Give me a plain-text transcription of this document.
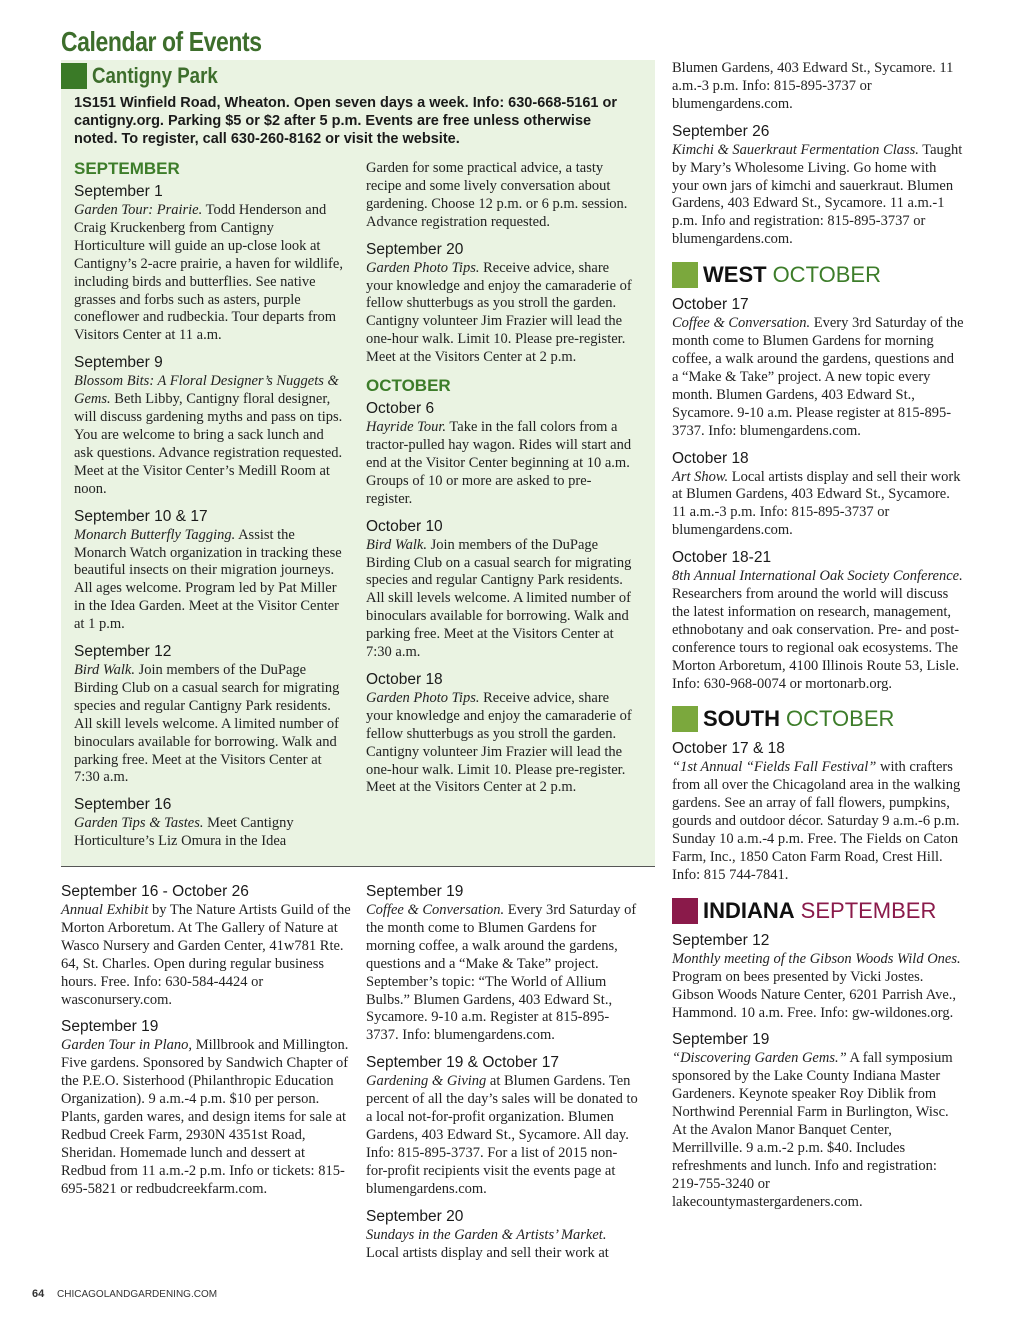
Calendar of Events
Cantigny Park
1S151 Winfield Road, Wheaton. Open seven days a week. Info: 630-668-5161 or cantigny.org. Parking $5 or $2 after 5 p.m. Events are free unless otherwise noted. To register, call 630-260-8162 or visit the website.
SEPTEMBER
September 1
Garden Tour: Prairie. Todd Henderson and Craig Kruckenberg from Cantigny Horticulture will guide an up-close look at Cantigny’s 2-acre prairie, a haven for wildlife, including birds and butterflies. See native grasses and forbs such as asters, purple coneflower and rudbeckia. Tour departs from Visitors Center at 11 a.m.
September 9
Blossom Bits: A Floral Designer’s Nuggets & Gems. Beth Libby, Cantigny floral designer, will discuss gardening myths and pass on tips. You are welcome to bring a sack lunch and ask questions. Advance registration requested. Meet at the Visitor Center’s Medill Room at noon.
September 10 & 17
Monarch Butterfly Tagging. Assist the Monarch Watch organization in tracking these beautiful insects on their migration journeys. All ages welcome. Program led by Pat Miller in the Idea Garden. Meet at the Visitor Center at 1 p.m.
September 12
Bird Walk. Join members of the DuPage Birding Club on a casual search for migrating species and regular Cantigny Park residents. All skill levels welcome. A limited number of binoculars available for borrowing. Walk and parking free. Meet at the Visitors Center at 7:30 a.m.
September 16
Garden Tips & Tastes. Meet Cantigny Horticulture’s Liz Omura in the Idea
Garden for some practical advice, a tasty recipe and some lively conversation about gardening. Choose 12 p.m. or 6 p.m. session. Advance registration requested.
September 20
Garden Photo Tips. Receive advice, share your knowledge and enjoy the camaraderie of fellow shutterbugs as you stroll the garden. Cantigny volunteer Jim Frazier will lead the one-hour walk. Limit 10. Please pre-register. Meet at the Visitors Center at 2 p.m.
OCTOBER
October 6
Hayride Tour. Take in the fall colors from a tractor-pulled hay wagon. Rides will start and end at the Visitor Center beginning at 10 a.m. Groups of 10 or more are asked to pre-register.
October 10
Bird Walk. Join members of the DuPage Birding Club on a casual search for migrating species and regular Cantigny Park residents. All skill levels welcome. A limited number of binoculars available for borrowing. Walk and parking free. Meet at the Visitors Center at 7:30 a.m.
October 18
Garden Photo Tips. Receive advice, share your knowledge and enjoy the camaraderie of fellow shutterbugs as you stroll the garden. Cantigny volunteer Jim Frazier will lead the one-hour walk. Limit 10. Please pre-register. Meet at the Visitors Center at 2 p.m.
September 16 - October 26
Annual Exhibit by The Nature Artists Guild of the Morton Arboretum. At The Gallery of Nature at Wasco Nursery and Garden Center, 41w781 Rte. 64, St. Charles. Open during regular business hours. Free. Info: 630-584-4424 or wasconursery.com.
September 19
Garden Tour in Plano, Millbrook and Millington. Five gardens. Sponsored by Sandwich Chapter of the P.E.O. Sisterhood (Philanthropic Education Organization). 9 a.m.-4 p.m. $10 per person. Plants, garden wares, and design items for sale at Redbud Creek Farm, 2930N 4351st Road, Sheridan. Homemade lunch and dessert at Redbud from 11 a.m.-2 p.m. Info or tickets: 815-695-5821 or redbudcreekfarm.com.
September 19
Coffee & Conversation. Every 3rd Saturday of the month come to Blumen Gardens for morning coffee, a walk around the gardens, questions and a “Make & Take” project. September’s topic: “The World of Allium Bulbs.” Blumen Gardens, 403 Edward St., Sycamore. 9-10 a.m. Register at 815-895-3737. Info: blumengardens.com.
September 19 & October 17
Gardening & Giving at Blumen Gardens. Ten percent of all the day’s sales will be donated to a local not-for-profit organization. Blumen Gardens, 403 Edward St., Sycamore. All day. Info: 815-895-3737. For a list of 2015 non-for-profit recipients visit the events page at blumengardens.com.
September 20
Sundays in the Garden & Artists’ Market. Local artists display and sell their work at
Blumen Gardens, 403 Edward St., Sycamore. 11 a.m.-3 p.m. Info: 815-895-3737 or blumengardens.com.
September 26
Kimchi & Sauerkraut Fermentation Class. Taught by Mary’s Wholesome Living. Go home with your own jars of kimchi and sauerkraut. Blumen Gardens, 403 Edward St., Sycamore. 11 a.m.-1 p.m. Info and registration: 815-895-3737 or blumengardens.com.
WEST OCTOBER
October 17
Coffee & Conversation. Every 3rd Saturday of the month come to Blumen Gardens for morning coffee, a walk around the gardens, questions and a “Make & Take” project. A new topic every month. Blumen Gardens, 403 Edward St., Sycamore. 9-10 a.m. Please register at 815-895-3737. Info: blumengardens.com.
October 18
Art Show. Local artists display and sell their work at Blumen Gardens, 403 Edward St., Sycamore. 11 a.m.-3 p.m. Info: 815-895-3737 or blumengardens.com.
October 18-21
8th Annual International Oak Society Conference. Researchers from around the world will discuss the latest information on research, management, ethnobotany and oak conservation. Pre- and post-conference tours to regional oak ecosystems. The Morton Arboretum, 4100 Illinois Route 53, Lisle. Info: 630-968-0074 or mortonarb.org.
SOUTH OCTOBER
October 17 & 18
“1st Annual “Fields Fall Festival” with crafters from all over the Chicagoland area in the walking gardens. See an array of fall flowers, pumpkins, gourds and outdoor décor. Saturday 9 a.m.-6 p.m. Sunday 10 a.m.-4 p.m. Free. The Fields on Caton Farm, Inc., 1850 Caton Farm Road, Crest Hill. Info: 815 744-7841.
INDIANA SEPTEMBER
September 12
Monthly meeting of the Gibson Woods Wild Ones. Program on bees presented by Vicki Jostes. Gibson Woods Nature Center, 6201 Parrish Ave., Hammond. 10 a.m. Free. Info: gw-wildones.org.
September 19
“Discovering Garden Gems.” A fall symposium sponsored by the Lake County Indiana Master Gardeners. Keynote speaker Roy Diblik from Northwind Perennial Farm in Burlington, Wisc. At the Avalon Manor Banquet Center, Merrillville. 9 a.m.-2 p.m. $40. Includes refreshments and lunch. Info and registration: 219-755-3240 or lakecountymastergardeners.com.
64 CHICAGOLANDGARDENING.COM
